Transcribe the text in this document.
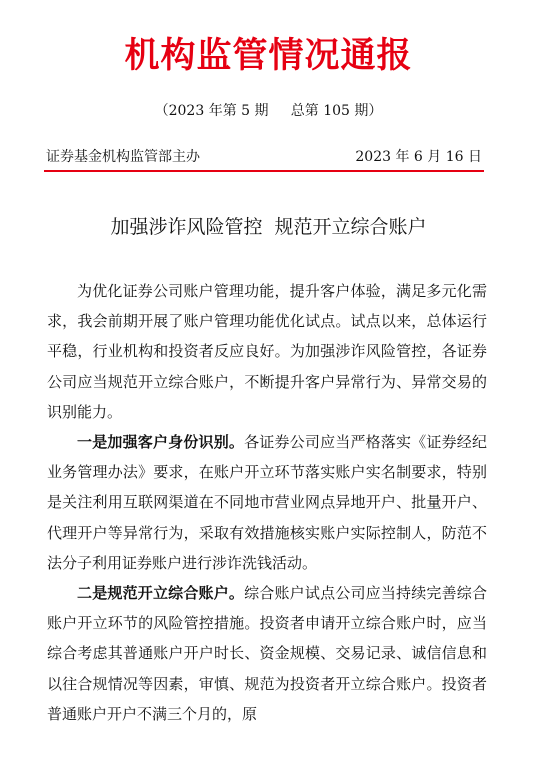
机构监管情况通报
（2023 年第 5 期     总第 105 期）
证券基金机构监管部主办	2023 年 6 月 16 日
加强涉诈风险管控  规范开立综合账户

为优化证券公司账户管理功能，提升客户体验，满足多元化需求，我会前期开展了账户管理功能优化试点。试点以来，总体运行平稳，行业机构和投资者反应良好。为加强涉诈风险管控，各证券公司应当规范开立综合账户，不断提升客户异常行为、异常交易的识别能力。

一是加强客户身份识别。各证券公司应当严格落实《证券经纪业务管理办法》要求，在账户开立环节落实账户实名制要求，特别是关注利用互联网渠道在不同地市营业网点异地开户、批量开户、代理开户等异常行为，采取有效措施核实账户实际控制人，防范不法分子利用证券账户进行涉诈洗钱活动。

二是规范开立综合账户。综合账户试点公司应当持续完善综合账户开立环节的风险管控措施。投资者申请开立综合账户时，应当综合考虑其普通账户开户时长、资金规模、交易记录、诚信信息和以往合规情况等因素，审慎、规范为投资者开立综合账户。投资者普通账户开户不满三个月的，原
